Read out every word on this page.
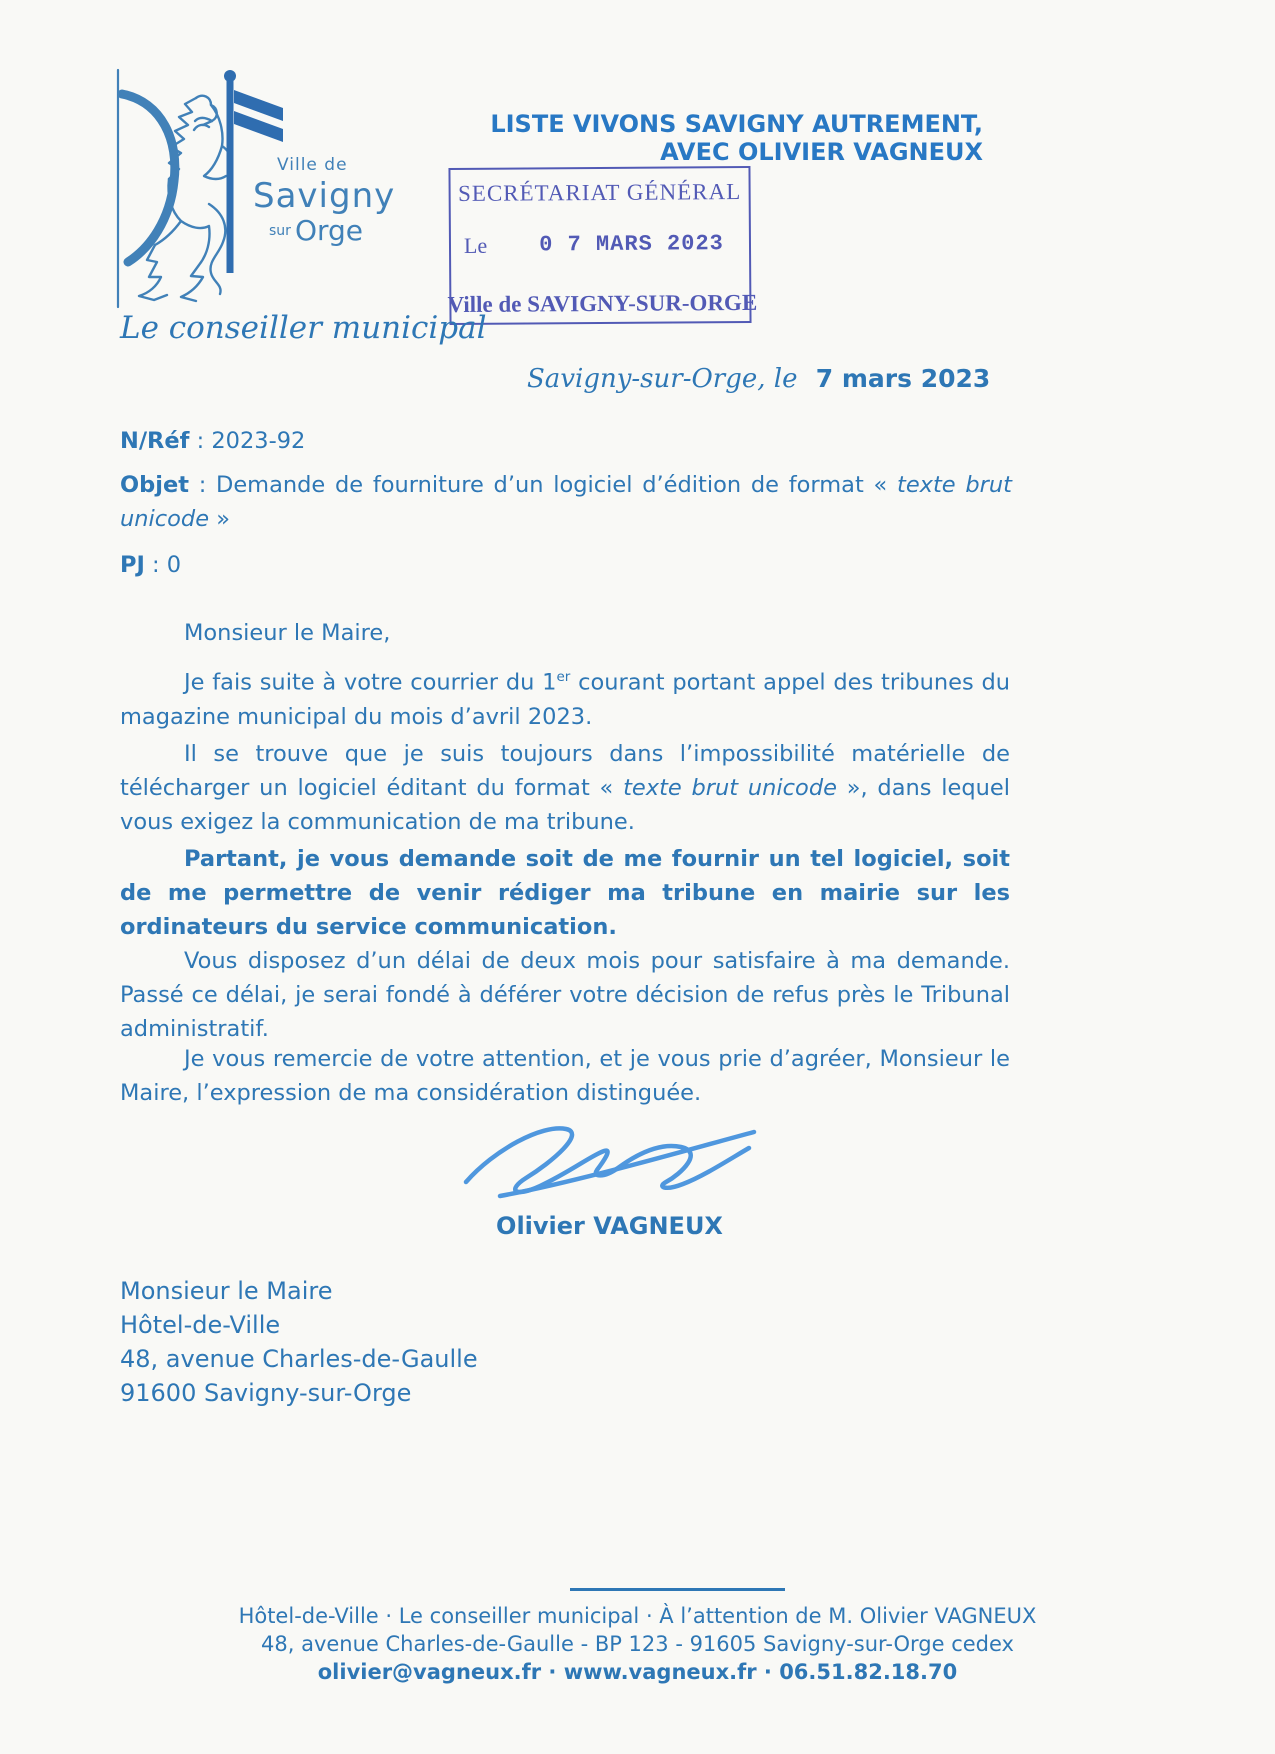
Ville de
Savigny
sur Orge
LISTE VIVONS SAVIGNY AUTREMENT,
AVEC OLIVIER VAGNEUX
SECRÉTARIAT GÉNÉRAL
Le 0 7 MARS 2023
Ville de SAVIGNY-SUR-ORGE
Le conseiller municipal
Savigny-sur-Orge, le 7 mars 2023
N/Réf : 2023-92
Objet : Demande de fourniture d’un logiciel d’édition de format « texte brut unicode »
PJ : 0

Monsieur le Maire,

Je fais suite à votre courrier du 1er courant portant appel des tribunes du magazine municipal du mois d’avril 2023.

Il se trouve que je suis toujours dans l’impossibilité matérielle de télécharger un logiciel éditant du format « texte brut unicode », dans lequel vous exigez la communication de ma tribune.

Partant, je vous demande soit de me fournir un tel logiciel, soit de me permettre de venir rédiger ma tribune en mairie sur les ordinateurs du service communication.

Vous disposez d’un délai de deux mois pour satisfaire à ma demande. Passé ce délai, je serai fondé à déférer votre décision de refus près le Tribunal administratif.

Je vous remercie de votre attention, et je vous prie d’agréer, Monsieur le Maire, l’expression de ma considération distinguée.

Olivier VAGNEUX
Monsieur le Maire
Hôtel-de-Ville
48, avenue Charles-de-Gaulle
91600 Savigny-sur-Orge
Hôtel-de-Ville · Le conseiller municipal · À l’attention de M. Olivier VAGNEUX
48, avenue Charles-de-Gaulle - BP 123 - 91605 Savigny-sur-Orge cedex
olivier@vagneux.fr · www.vagneux.fr · 06.51.82.18.70
